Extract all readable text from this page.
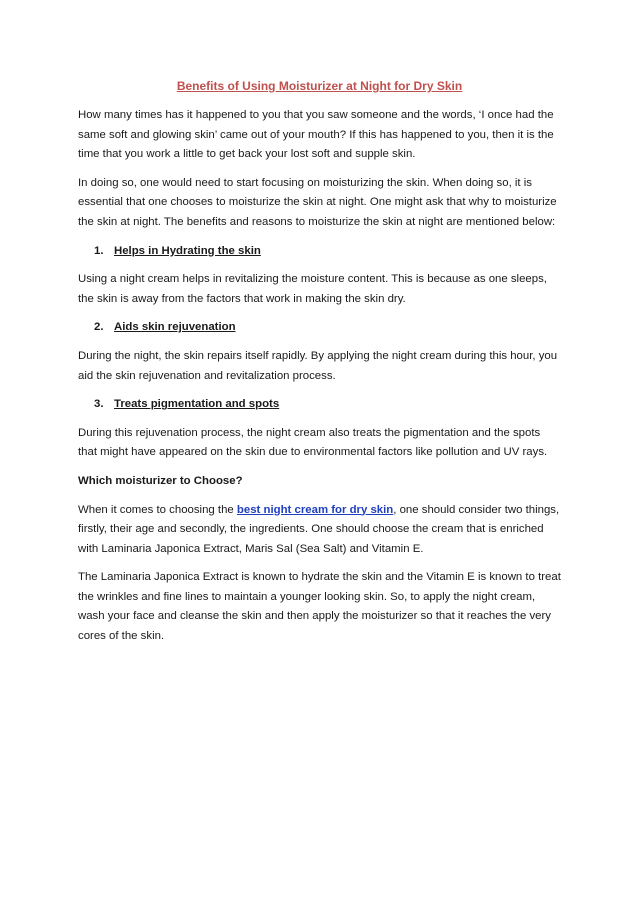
Benefits of Using Moisturizer at Night for Dry Skin

How many times has it happened to you that you saw someone and the words, ‘I once had the same soft and glowing skin’ came out of your mouth? If this has happened to you, then it is the time that you work a little to get back your lost soft and supple skin.

In doing so, one would need to start focusing on moisturizing the skin. When doing so, it is essential that one chooses to moisturize the skin at night. One might ask that why to moisturize the skin at night. The benefits and reasons to moisturize the skin at night are mentioned below:

1. Helps in Hydrating the skin

Using a night cream helps in revitalizing the moisture content. This is because as one sleeps, the skin is away from the factors that work in making the skin dry.

2. Aids skin rejuvenation

During the night, the skin repairs itself rapidly. By applying the night cream during this hour, you aid the skin rejuvenation and revitalization process.

3. Treats pigmentation and spots

During this rejuvenation process, the night cream also treats the pigmentation and the spots that might have appeared on the skin due to environmental factors like pollution and UV rays.

Which moisturizer to Choose?

When it comes to choosing the best night cream for dry skin, one should consider two things, firstly, their age and secondly, the ingredients. One should choose the cream that is enriched with Laminaria Japonica Extract, Maris Sal (Sea Salt) and Vitamin E.

The Laminaria Japonica Extract is known to hydrate the skin and the Vitamin E is known to treat the wrinkles and fine lines to maintain a younger looking skin. So, to apply the night cream, wash your face and cleanse the skin and then apply the moisturizer so that it reaches the very cores of the skin.
